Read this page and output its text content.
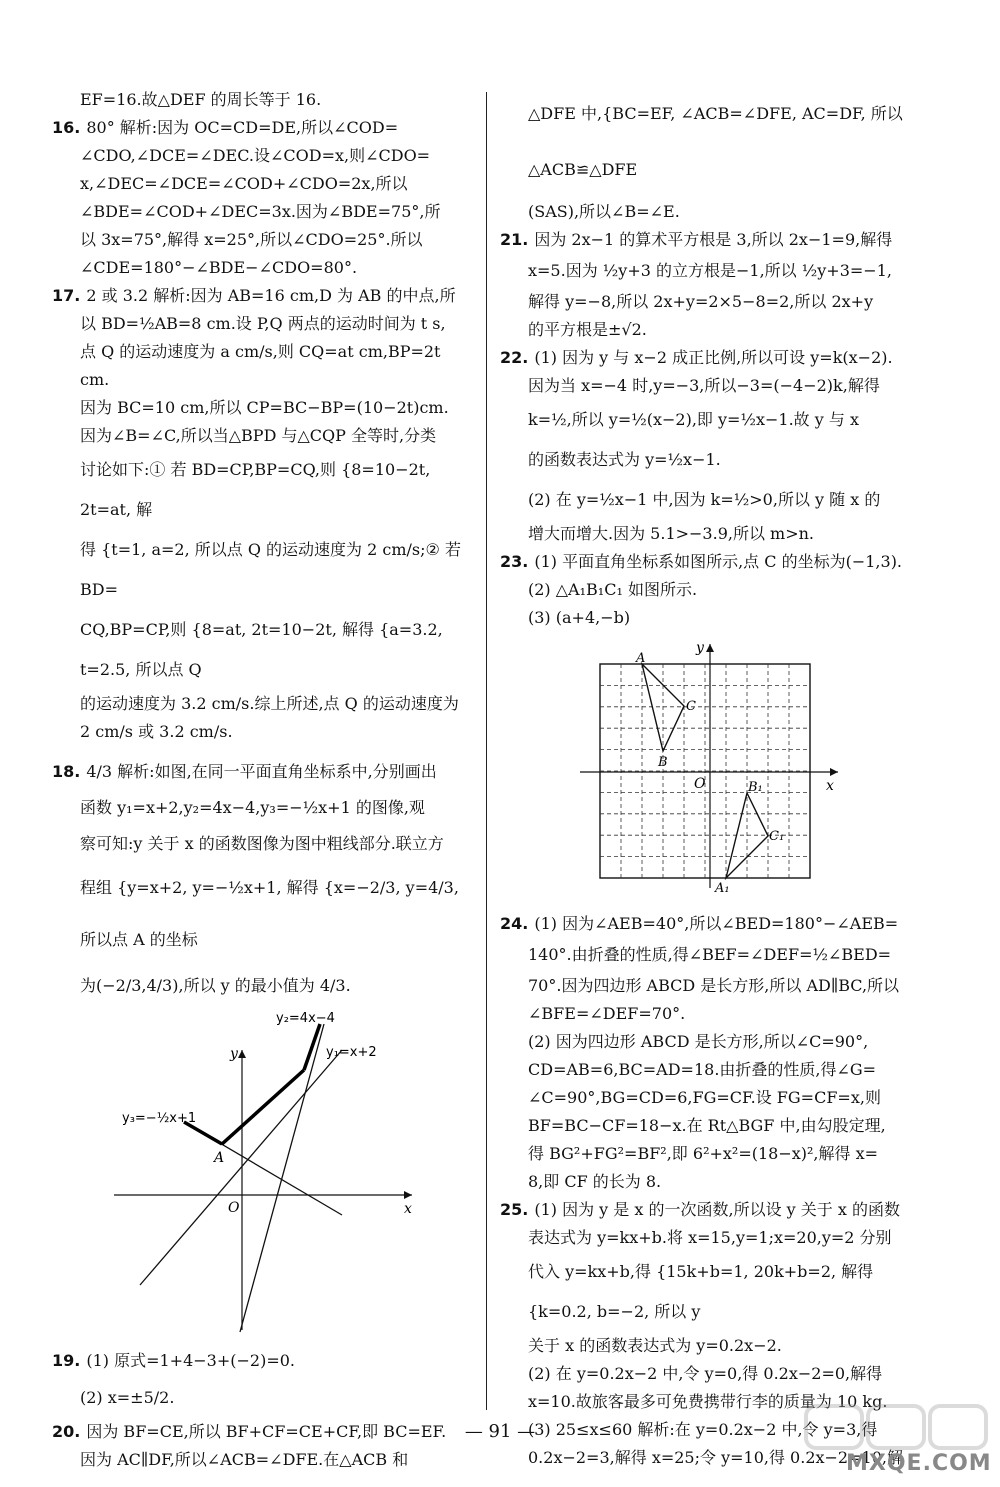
EF=16.故△DEF 的周长等于 16.

16. 80° 解析:因为 OC=CD=DE,所以∠COD=

∠CDO,∠DCE=∠DEC.设∠COD=x,则∠CDO=

x,∠DEC=∠DCE=∠COD+∠CDO=2x,所以

∠BDE=∠COD+∠DEC=3x.因为∠BDE=75°,所

以 3x=75°,解得 x=25°,所以∠CDO=25°.所以

∠CDE=180°−∠BDE−∠CDO=80°.

17. 2 或 3.2 解析:因为 AB=16 cm,D 为 AB 的中点,所

以 BD=½AB=8 cm.设 P,Q 两点的运动时间为 t s,

点 Q 的运动速度为 a cm/s,则 CQ=at cm,BP=2t cm.

因为 BC=10 cm,所以 CP=BC−BP=(10−2t)cm.

因为∠B=∠C,所以当△BPD 与△CQP 全等时,分类

讨论如下:① 若 BD=CP,BP=CQ,则 {8=10−2t, 2t=at, 解

得 {t=1, a=2, 所以点 Q 的运动速度为 2 cm/s;② 若 BD=

CQ,BP=CP,则 {8=at, 2t=10−2t, 解得 {a=3.2, t=2.5, 所以点 Q

的运动速度为 3.2 cm/s.综上所述,点 Q 的运动速度为

2 cm/s 或 3.2 cm/s.

18. 4/3 解析:如图,在同一平面直角坐标系中,分别画出

函数 y₁=x+2,y₂=4x−4,y₃=−½x+1 的图像,观

察可知:y 关于 x 的函数图像为图中粗线部分.联立方

程组 {y=x+2, y=−½x+1, 解得 {x=−2/3, y=4/3, 所以点 A 的坐标

为(−2/3,4/3),所以 y 的最小值为 4/3.

y₂=4x−4
y₁=x+2
y₃=−½x+1
y
x
O
A

19. (1) 原式=1+4−3+(−2)=0.

(2) x=±5/2.

20. 因为 BF=CE,所以 BF+CF=CE+CF,即 BC=EF.

因为 AC∥DF,所以∠ACB=∠DFE.在△ACB 和

△DFE 中,{BC=EF, ∠ACB=∠DFE, AC=DF, 所以△ACB≌△DFE

(SAS),所以∠B=∠E.

21. 因为 2x−1 的算术平方根是 3,所以 2x−1=9,解得

x=5.因为 ½y+3 的立方根是−1,所以 ½y+3=−1,

解得 y=−8,所以 2x+y=2×5−8=2,所以 2x+y

的平方根是±√2.

22. (1) 因为 y 与 x−2 成正比例,所以可设 y=k(x−2).

因为当 x=−4 时,y=−3,所以−3=(−4−2)k,解得

k=½,所以 y=½(x−2),即 y=½x−1.故 y 与 x

的函数表达式为 y=½x−1.

(2) 在 y=½x−1 中,因为 k=½>0,所以 y 随 x 的

增大而增大.因为 5.1>−3.9,所以 m>n.

23. (1) 平面直角坐标系如图所示,点 C 的坐标为(−1,3).

(2) △A₁B₁C₁ 如图所示.

(3) (a+4,−b)

y
x
O
A
C
B
B₁
C₁
A₁

24. (1) 因为∠AEB=40°,所以∠BED=180°−∠AEB=

140°.由折叠的性质,得∠BEF=∠DEF=½∠BED=

70°.因为四边形 ABCD 是长方形,所以 AD∥BC,所以

∠BFE=∠DEF=70°.

(2) 因为四边形 ABCD 是长方形,所以∠C=90°,

CD=AB=6,BC=AD=18.由折叠的性质,得∠G=

∠C=90°,BG=CD=6,FG=CF.设 FG=CF=x,则

BF=BC−CF=18−x.在 Rt△BGF 中,由勾股定理,

得 BG²+FG²=BF²,即 6²+x²=(18−x)²,解得 x=

8,即 CF 的长为 8.

25. (1) 因为 y 是 x 的一次函数,所以设 y 关于 x 的函数

表达式为 y=kx+b.将 x=15,y=1;x=20,y=2 分别

代入 y=kx+b,得 {15k+b=1, 20k+b=2, 解得 {k=0.2, b=−2, 所以 y

关于 x 的函数表达式为 y=0.2x−2.

(2) 在 y=0.2x−2 中,令 y=0,得 0.2x−2=0,解得

x=10.故旅客最多可免费携带行李的质量为 10 kg.

(3) 25≤x≤60 解析:在 y=0.2x−2 中,令 y=3,得

0.2x−2=3,解得 x=25;令 y=10,得 0.2x−2=10,解

— 91 —
MXQE.COM
